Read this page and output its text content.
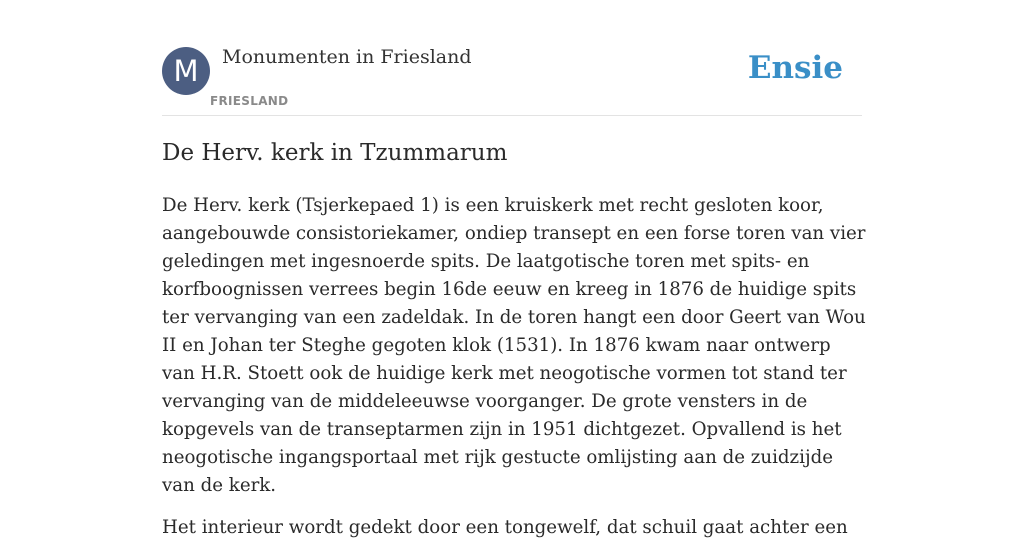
M	Monumenten in Friesland
FRIESLAND
Ensie
De Herv. kerk in Tzummarum

De Herv. kerk (Tsjerkepaed 1) is een kruiskerk met recht gesloten koor, aangebouwde consistoriekamer, ondiep transept en een forse toren van vier geledingen met ingesnoerde spits. De laatgotische toren met spits- en korfboognissen verrees begin 16de eeuw en kreeg in 1876 de huidige spits ter vervanging van een zadeldak. In de toren hangt een door Geert van Wou II en Johan ter Steghe gegoten klok (1531). In 1876 kwam naar ontwerp van H.R. Stoett ook de huidige kerk met neogotische vormen tot stand ter vervanging van de middeleeuwse voorganger. De grote vensters in de kopgevels van de transeptarmen zijn in 1951 dichtgezet. Opvallend is het neogotische ingangsportaal met rijk gestucte omlijsting aan de zuidzijde van de kerk.

Het interieur wordt gedekt door een tongewelf, dat schuil gaat achter een
